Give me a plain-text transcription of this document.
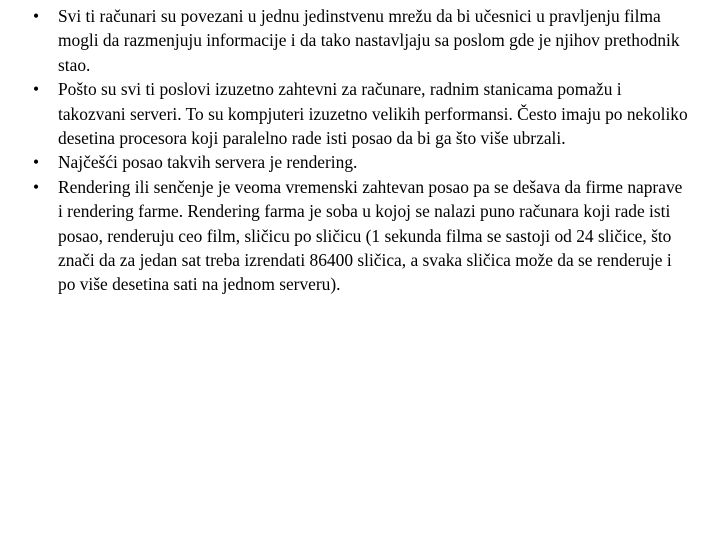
• Svi ti računari su povezani u jednu jedinstvenu mrežu da bi učesnici u pravljenju filma mogli da razmenjuju informacije i da tako nastavljaju sa poslom gde je njihov prethodnik stao.
• Pošto su svi ti poslovi izuzetno zahtevni za računare, radnim stanicama pomažu i takozvani serveri. To su kompjuteri izuzetno velikih performansi. Često imaju po nekoliko desetina procesora koji paralelno rade isti posao da bi ga što više ubrzali.
• Najčešći posao takvih servera je rendering.
• Rendering ili senčenje je veoma vremenski zahtevan posao pa se dešava da firme naprave i rendering farme. Rendering farma je soba u kojoj se nalazi puno računara koji rade isti posao, renderuju ceo film, sličicu po sličicu (1 sekunda filma se sastoji od 24 sličice, što znači da za jedan sat treba izrendati 86400 sličica, a svaka sličica može da se renderuje i po više desetina sati na jednom serveru).
